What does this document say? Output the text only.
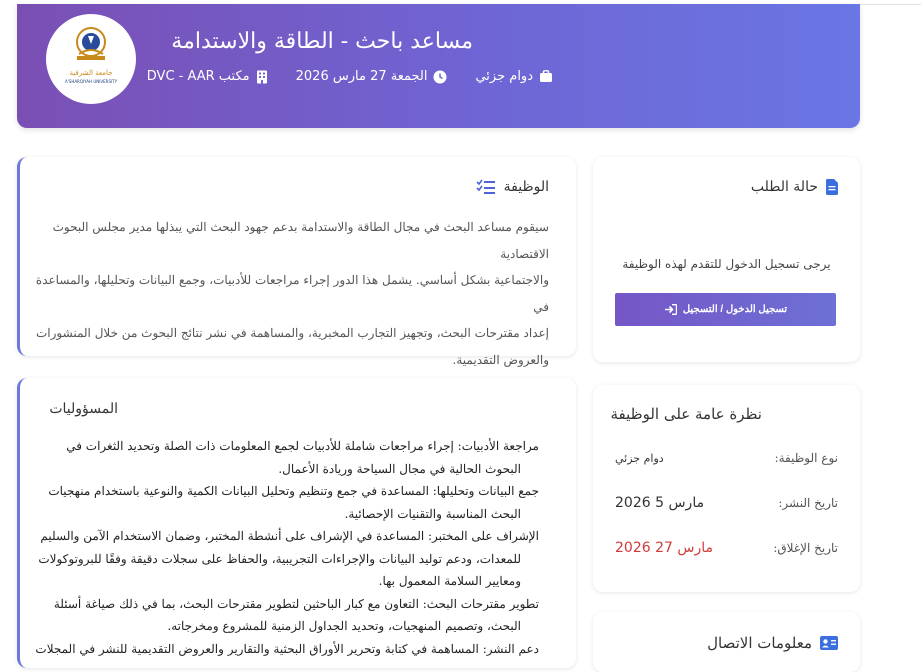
جامعة الشرقية
A'SHARQIYAH UNIVERSITY
مساعد باحث - الطاقة والاستدامة
دوام جزئي
الجمعة 27 مارس 2026
مكتب DVC - AAR
الوظيفة
سيقوم مساعد البحث في مجال الطاقة والاستدامة بدعم جهود البحث التي يبذلها مدير مجلس البحوث الاقتصادية
والاجتماعية بشكل أساسي. يشمل هذا الدور إجراء مراجعات للأدبيات، وجمع البيانات وتحليلها، والمساعدة في
إعداد مقترحات البحث، وتجهيز التجارب المخبرية، والمساهمة في نشر نتائج البحوث من خلال المنشورات
والعروض التقديمية.
حالة الطلب
يرجى تسجيل الدخول للتقدم لهذه الوظيفة
تسجيل الدخول / التسجيل
المسؤوليات
مراجعة الأدبيات: إجراء مراجعات شاملة للأدبيات لجمع المعلومات ذات الصلة وتحديد الثغرات في
البحوث الحالية في مجال السياحة وريادة الأعمال.
جمع البيانات وتحليلها: المساعدة في جمع وتنظيم وتحليل البيانات الكمية والنوعية باستخدام منهجيات
البحث المناسبة والتقنيات الإحصائية.
الإشراف على المختبر: المساعدة في الإشراف على أنشطة المختبر، وضمان الاستخدام الآمن والسليم
للمعدات، ودعم توليد البيانات والإجراءات التجريبية، والحفاظ على سجلات دقيقة وفقًا للبروتوكولات
ومعايير السلامة المعمول بها.
تطوير مقترحات البحث: التعاون مع كبار الباحثين لتطوير مقترحات البحث، بما في ذلك صياغة أسئلة
البحث، وتصميم المنهجيات، وتحديد الجداول الزمنية للمشروع ومخرجاته.
دعم النشر: المساهمة في كتابة وتحرير الأوراق البحثية والتقارير والعروض التقديمية للنشر في المجلات
نظرة عامة على الوظيفة
نوع الوظيفة:
دوام جزئي
تاريخ النشر:
2026 مارس 5
تاريخ الإغلاق:
2026 مارس 27
معلومات الاتصال
